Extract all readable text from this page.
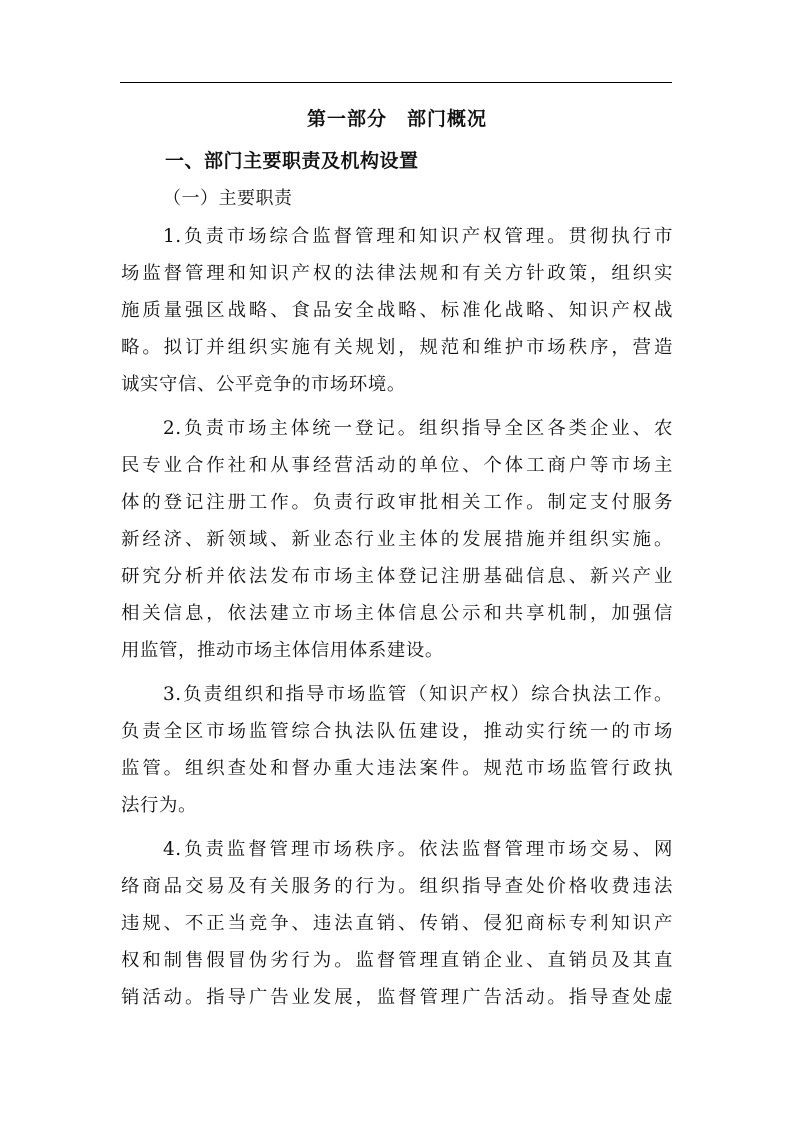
第一部分　部门概况
一、部门主要职责及机构设置
（一）主要职责
1.负责市场综合监督管理和知识产权管理。贯彻执行市
场监督管理和知识产权的法律法规和有关方针政策，组织实
施质量强区战略、食品安全战略、标准化战略、知识产权战
略。拟订并组织实施有关规划，规范和维护市场秩序，营造
诚实守信、公平竞争的市场环境。
2.负责市场主体统一登记。组织指导全区各类企业、农
民专业合作社和从事经营活动的单位、个体工商户等市场主
体的登记注册工作。负责行政审批相关工作。制定支付服务
新经济、新领域、新业态行业主体的发展措施并组织实施。
研究分析并依法发布市场主体登记注册基础信息、新兴产业
相关信息，依法建立市场主体信息公示和共享机制，加强信
用监管，推动市场主体信用体系建设。
3.负责组织和指导市场监管（知识产权）综合执法工作。
负责全区市场监管综合执法队伍建设，推动实行统一的市场
监管。组织查处和督办重大违法案件。规范市场监管行政执
法行为。
4.负责监督管理市场秩序。依法监督管理市场交易、网
络商品交易及有关服务的行为。组织指导查处价格收费违法
违规、不正当竞争、违法直销、传销、侵犯商标专利知识产
权和制售假冒伪劣行为。监督管理直销企业、直销员及其直
销活动。指导广告业发展，监督管理广告活动。指导查处虚
